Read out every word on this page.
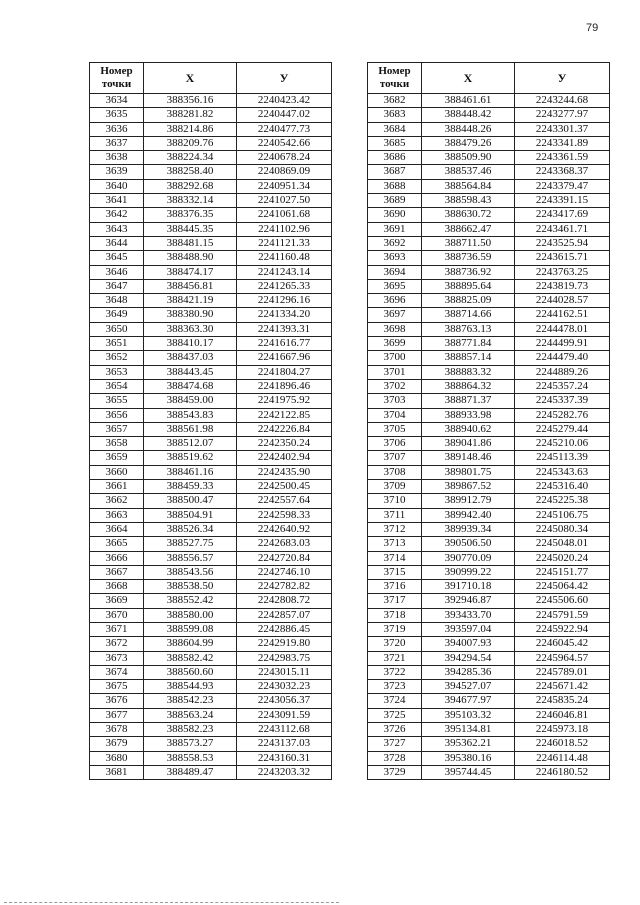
79
Номер
точки	X	У
3634	388356.16	2240423.42
3635	388281.82	2240447.02
3636	388214.86	2240477.73
3637	388209.76	2240542.66
3638	388224.34	2240678.24
3639	388258.40	2240869.09
3640	388292.68	2240951.34
3641	388332.14	2241027.50
3642	388376.35	2241061.68
3643	388445.35	2241102.96
3644	388481.15	2241121.33
3645	388488.90	2241160.48
3646	388474.17	2241243.14
3647	388456.81	2241265.33
3648	388421.19	2241296.16
3649	388380.90	2241334.20
3650	388363.30	2241393.31
3651	388410.17	2241616.77
3652	388437.03	2241667.96
3653	388443.45	2241804.27
3654	388474.68	2241896.46
3655	388459.00	2241975.92
3656	388543.83	2242122.85
3657	388561.98	2242226.84
3658	388512.07	2242350.24
3659	388519.62	2242402.94
3660	388461.16	2242435.90
3661	388459.33	2242500.45
3662	388500.47	2242557.64
3663	388504.91	2242598.33
3664	388526.34	2242640.92
3665	388527.75	2242683.03
3666	388556.57	2242720.84
3667	388543.56	2242746.10
3668	388538.50	2242782.82
3669	388552.42	2242808.72
3670	388580.00	2242857.07
3671	388599.08	2242886.45
3672	388604.99	2242919.80
3673	388582.42	2242983.75
3674	388560.60	2243015.11
3675	388544.93	2243032.23
3676	388542.23	2243056.37
3677	388563.24	2243091.59
3678	388582.23	2243112.68
3679	388573.27	2243137.03
3680	388558.53	2243160.31
3681	388489.47	2243203.32
Номер
точки	X	У
3682	388461.61	2243244.68
3683	388448.42	2243277.97
3684	388448.26	2243301.37
3685	388479.26	2243341.89
3686	388509.90	2243361.59
3687	388537.46	2243368.37
3688	388564.84	2243379.47
3689	388598.43	2243391.15
3690	388630.72	2243417.69
3691	388662.47	2243461.71
3692	388711.50	2243525.94
3693	388736.59	2243615.71
3694	388736.92	2243763.25
3695	388895.64	2243819.73
3696	388825.09	2244028.57
3697	388714.66	2244162.51
3698	388763.13	2244478.01
3699	388771.84	2244499.91
3700	388857.14	2244479.40
3701	388883.32	2244889.26
3702	388864.32	2245357.24
3703	388871.37	2245337.39
3704	388933.98	2245282.76
3705	388940.62	2245279.44
3706	389041.86	2245210.06
3707	389148.46	2245113.39
3708	389801.75	2245343.63
3709	389867.52	2245316.40
3710	389912.79	2245225.38
3711	389942.40	2245106.75
3712	389939.34	2245080.34
3713	390506.50	2245048.01
3714	390770.09	2245020.24
3715	390999.22	2245151.77
3716	391710.18	2245064.42
3717	392946.87	2245506.60
3718	393433.70	2245791.59
3719	393597.04	2245922.94
3720	394007.93	2246045.42
3721	394294.54	2245964.57
3722	394285.36	2245789.01
3723	394527.07	2245671.42
3724	394677.97	2245835.24
3725	395103.32	2246046.81
3726	395134.81	2245973.18
3727	395362.21	2246018.52
3728	395380.16	2246114.48
3729	395744.45	2246180.52
